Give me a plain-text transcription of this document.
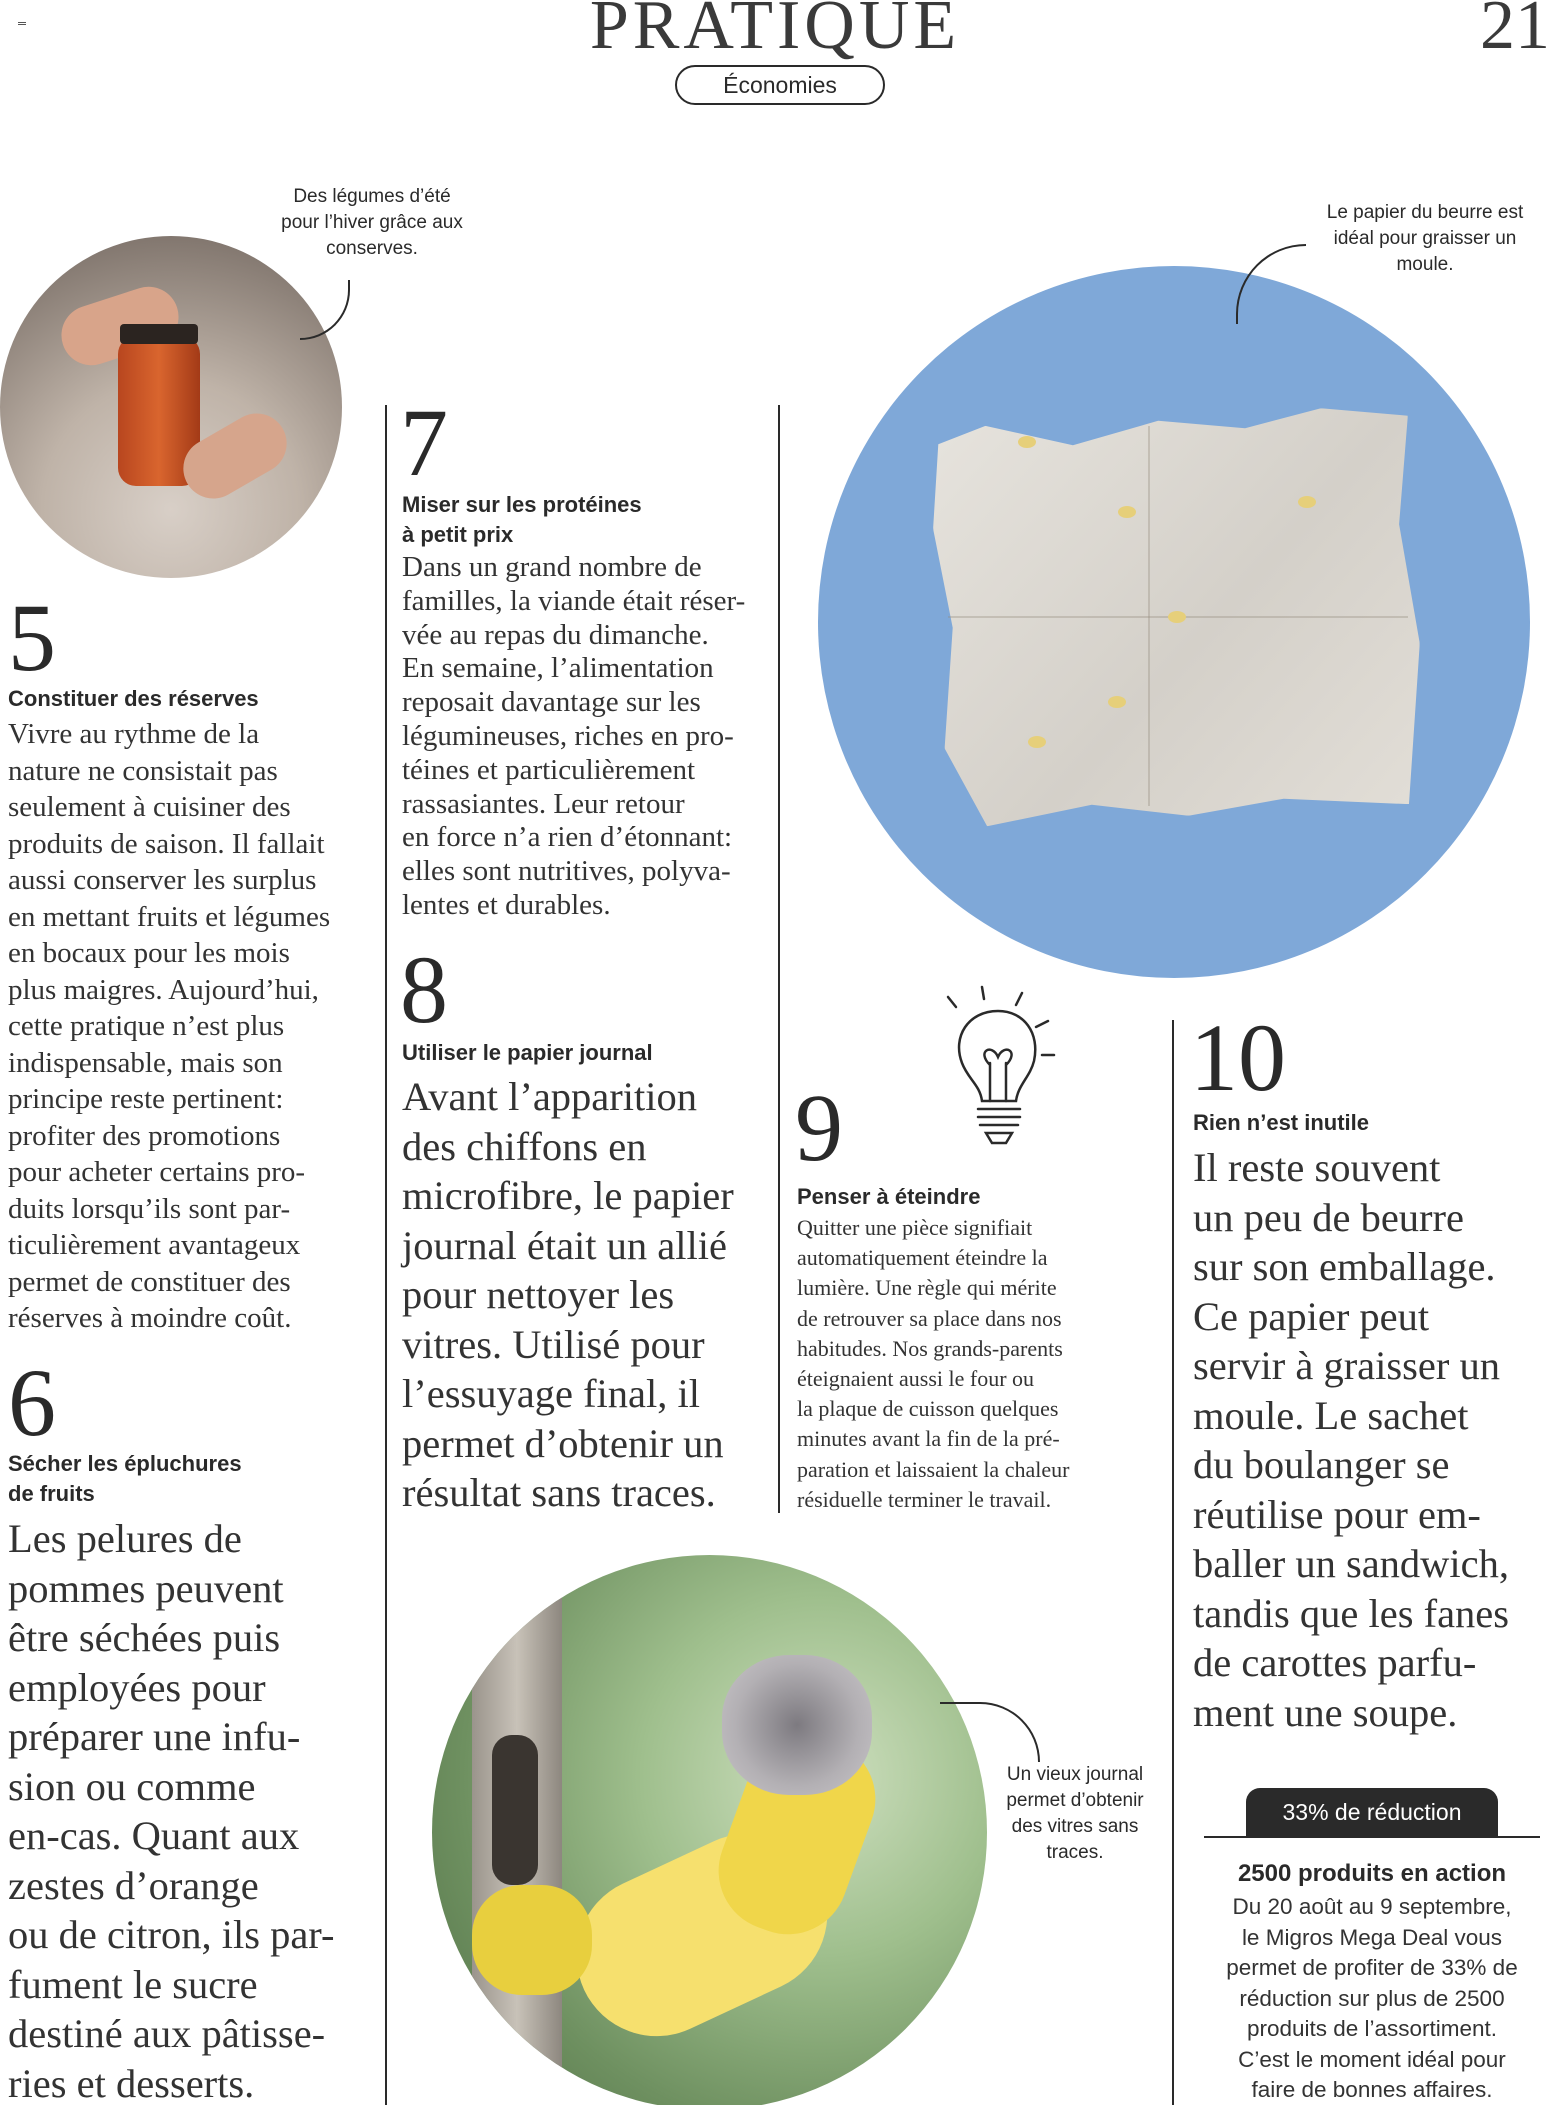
PRATIQUE	21
Économies
Des légumes d’été pour l’hiver grâce aux conserves.
Le papier du beurre est idéal pour graisser un moule.
Un vieux journal permet d’obtenir des vitres sans traces.
5
Constituer des réserves
Vivre au rythme de la
nature ne consistait pas
seulement à cuisiner des
produits de saison. Il fallait
aussi conserver les surplus
en mettant fruits et légumes
en bocaux pour les mois
plus maigres. Aujourd’hui,
cette pratique n’est plus
indispensable, mais son
principe reste pertinent:
profiter des promotions
pour acheter certains pro-
duits lorsqu’ils sont par-
ticulièrement avantageux
permet de constituer des
réserves à moindre coût.
6
Sécher les épluchures
de fruits
Les pelures de
pommes peuvent
être séchées puis
employées pour
préparer une infu-
sion ou comme
en-cas. Quant aux
zestes d’orange
ou de citron, ils par-
fument le sucre
destiné aux pâtisse-
ries et desserts.
7
Miser sur les protéines
à petit prix
Dans un grand nombre de
familles, la viande était réser-
vée au repas du dimanche.
En semaine, l’alimentation
reposait davantage sur les
légumineuses, riches en pro-
téines et particulièrement
rassasiantes. Leur retour
en force n’a rien d’étonnant:
elles sont nutritives, polyva-
lentes et durables.
8
Utiliser le papier journal
Avant l’apparition
des chiffons en
microfibre, le papier
journal était un allié
pour nettoyer les
vitres. Utilisé pour
l’essuyage final, il
permet d’obtenir un
résultat sans traces.
9
Penser à éteindre
Quitter une pièce signifiait
automatiquement éteindre la
lumière. Une règle qui mérite
de retrouver sa place dans nos
habitudes. Nos grands-parents
éteignaient aussi le four ou
la plaque de cuisson quelques
minutes avant la fin de la pré-
paration et laissaient la chaleur
résiduelle terminer le travail.
10
Rien n’est inutile
Il reste souvent
un peu de beurre
sur son emballage.
Ce papier peut
servir à graisser un
moule. Le sachet
du boulanger se
réutilise pour em-
baller un sandwich,
tandis que les fanes
de carottes parfu-
ment une soupe.
33% de réduction
2500 produits en action
Du 20 août au 9 septembre,
le Migros Mega Deal vous
permet de profiter de 33% de
réduction sur plus de 2500
produits de l’assortiment.
C’est le moment idéal pour
faire de bonnes affaires.
